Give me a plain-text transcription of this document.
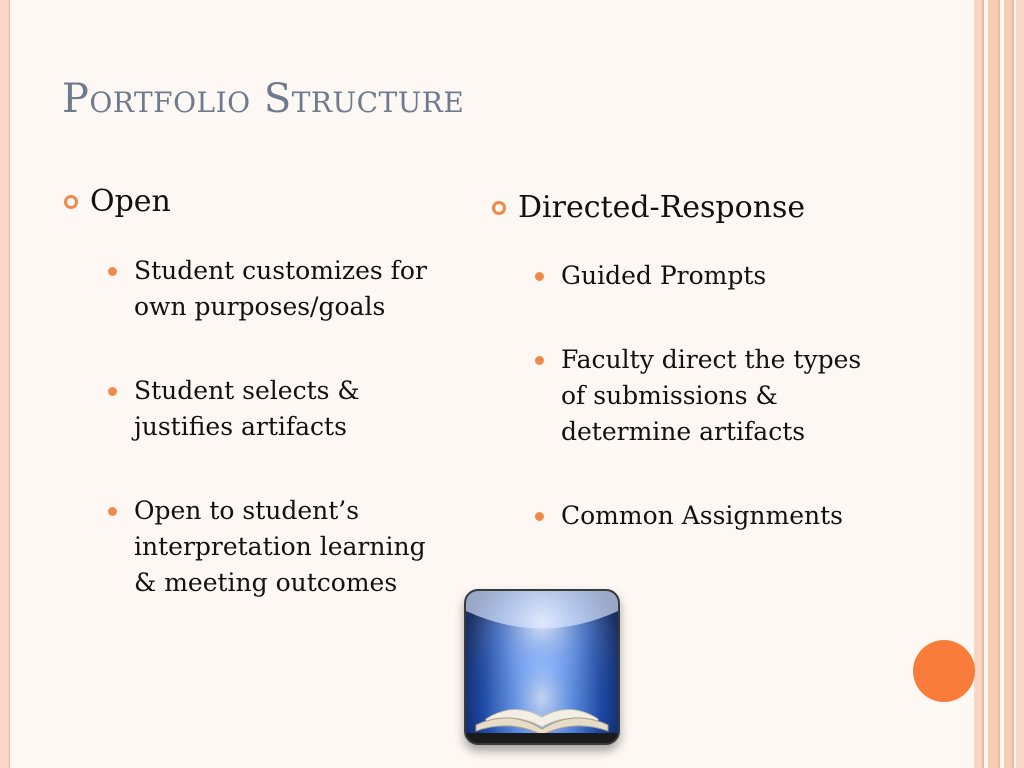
Portfolio Structure
Open
Student customizes for own purposes/goals
Student selects & justifies artifacts
Open to student’s interpretation learning & meeting outcomes
Directed-Response
Guided Prompts
Faculty direct the types of submissions & determine artifacts
Common Assignments
